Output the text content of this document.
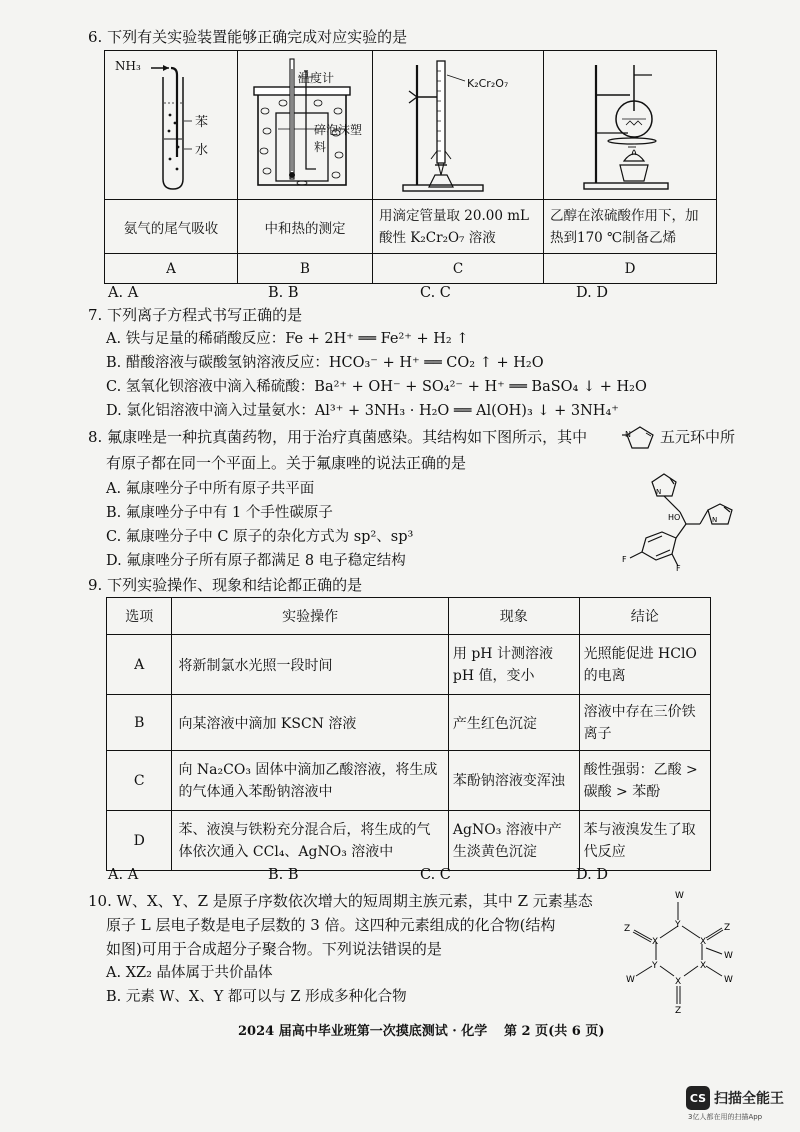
6. 下列有关实验装置能够正确完成对应实验的是
NH₃
苯
水	温度计
碎泡沫塑料	K₂Cr₂O₇

氨气的尾气吸收	中和热的测定	用滴定管量取 20.00 mL 酸性 K₂Cr₂O₇ 溶液	乙醇在浓硫酸作用下，加热到170 ℃制备乙烯
A	B	C	D
A. A	B. B	C. C	D. D
7. 下列离子方程式书写正确的是
A. 铁与足量的稀硝酸反应：Fe + 2H⁺ ══ Fe²⁺ + H₂ ↑
B. 醋酸溶液与碳酸氢钠溶液反应：HCO₃⁻ + H⁺ ══ CO₂ ↑ + H₂O
C. 氢氧化钡溶液中滴入稀硫酸：Ba²⁺ + OH⁻ + SO₄²⁻ + H⁺ ══ BaSO₄ ↓ + H₂O
D. 氯化铝溶液中滴入过量氨水：Al³⁺ + 3NH₃ · H₂O ══ Al(OH)₃ ↓ + 3NH₄⁺
8. 氟康唑是一种抗真菌药物，用于治疗真菌感染。其结构如下图所示，其中	N 五元环中所
有原子都在同一个平面上。关于氟康唑的说法正确的是
A. 氟康唑分子中所有原子共平面
B. 氟康唑分子中有 1 个手性碳原子
C. 氟康唑分子中 C 原子的杂化方式为 sp²、sp³
D. 氟康唑分子所有原子都满足 8 电子稳定结构
N
HO	N
F
F
9. 下列实验操作、现象和结论都正确的是
选项	实验操作	现象	结论
A	将新制氯水光照一段时间	用 pH 计测溶液 pH 值，变小	光照能促进 HClO 的电离
B	向某溶液中滴加 KSCN 溶液	产生红色沉淀	溶液中存在三价铁离子
C	向 Na₂CO₃ 固体中滴加乙酸溶液，将生成的气体通入苯酚钠溶液中	苯酚钠溶液变浑浊	酸性强弱：乙酸 > 碳酸 > 苯酚
D	苯、液溴与铁粉充分混合后，将生成的气体依次通入 CCl₄、AgNO₃ 溶液中	AgNO₃ 溶液中产生淡黄色沉淀	苯与液溴发生了取代反应
A. A	B. B	C. C	D. D
10. W、X、Y、Z 是原子序数依次增大的短周期主族元素，其中 Z 元素基态
原子 L 层电子数是电子层数的 3 倍。这四种元素组成的化合物(结构
如图)可用于合成超分子聚合物。下列说法错误的是
A. XZ₂ 晶体属于共价晶体
B. 元素 W、X、Y 都可以与 Z 形成多种化合物
W
Y
Z	Z
X	X
W
Y	X
W	W
X
Z
2024 届高中毕业班第一次摸底测试 · 化学 第 2 页(共 6 页)
CS 扫描全能王
3亿人都在用的扫描App
